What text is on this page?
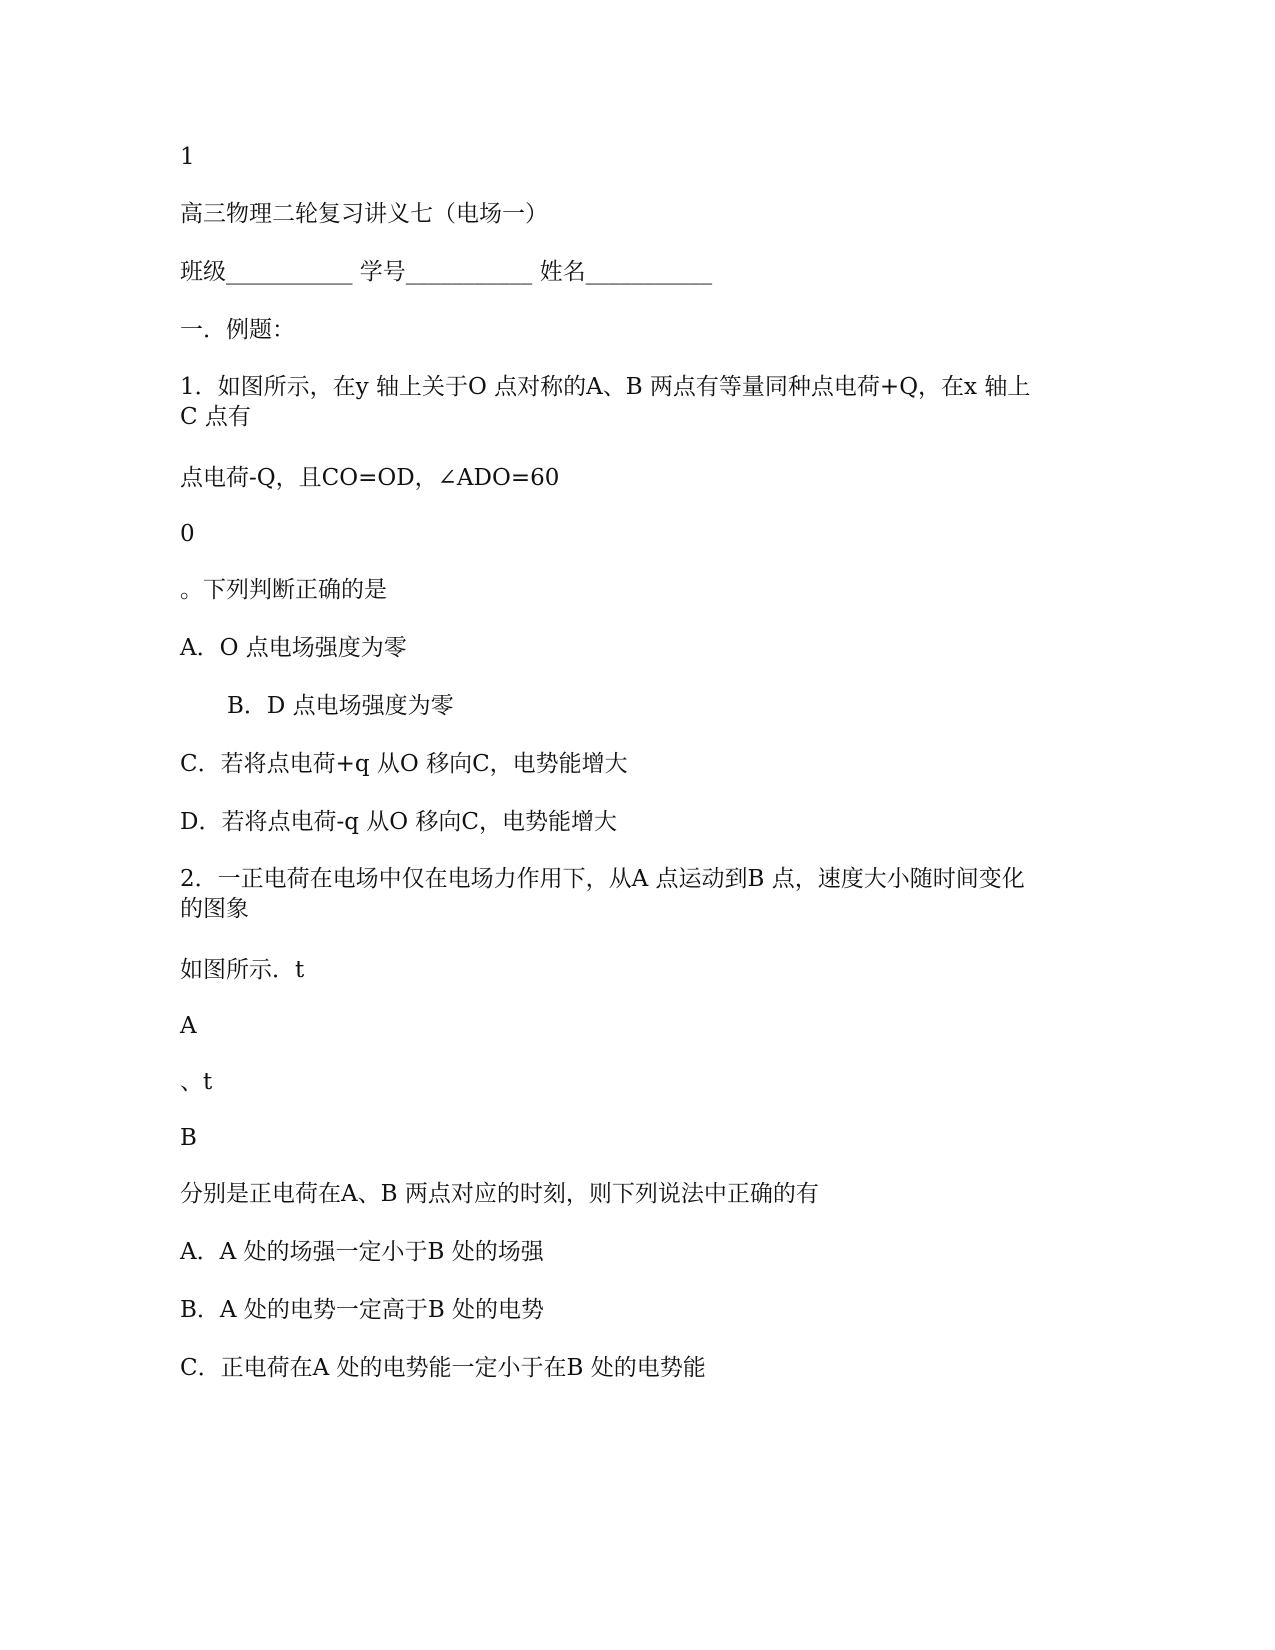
1
高三物理二轮复习讲义七（电场一）
班级___________ 学号___________ 姓名___________
一．例题：
1．如图所示，在y 轴上关于O 点对称的A、B 两点有等量同种点电荷+Q，在x 轴上C 点有
点电荷-Q，且CO=OD，∠ADO=60
0
。下列判断正确的是
A．O 点电场强度为零
B．D 点电场强度为零
C．若将点电荷+q 从O 移向C，电势能增大
D．若将点电荷-q 从O 移向C，电势能增大
2．一正电荷在电场中仅在电场力作用下，从A 点运动到B 点，速度大小随时间变化的图象
如图所示．t
A
、t
B
分别是正电荷在A、B 两点对应的时刻，则下列说法中正确的有
A．A 处的场强一定小于B 处的场强
B．A 处的电势一定高于B 处的电势
C．正电荷在A 处的电势能一定小于在B 处的电势能
